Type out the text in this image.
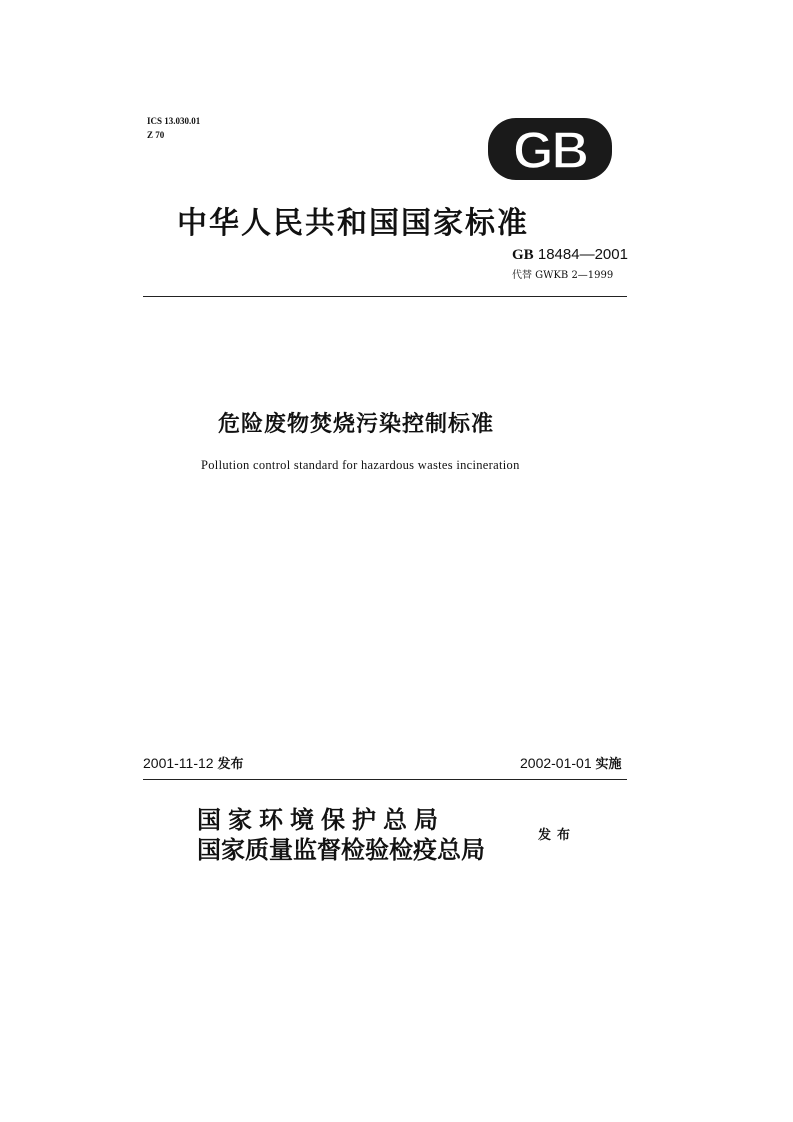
ICS 13.030.01
Z 70	GB
中华人民共和国国家标准
GB 18484—2001
代替 GWKB 2—1999
危险废物焚烧污染控制标准
Pollution control standard for hazardous wastes incineration
2001-11-12 发布	2002-01-01 实施
国家环境保护总局
国家质量监督检验检疫总局	发布
